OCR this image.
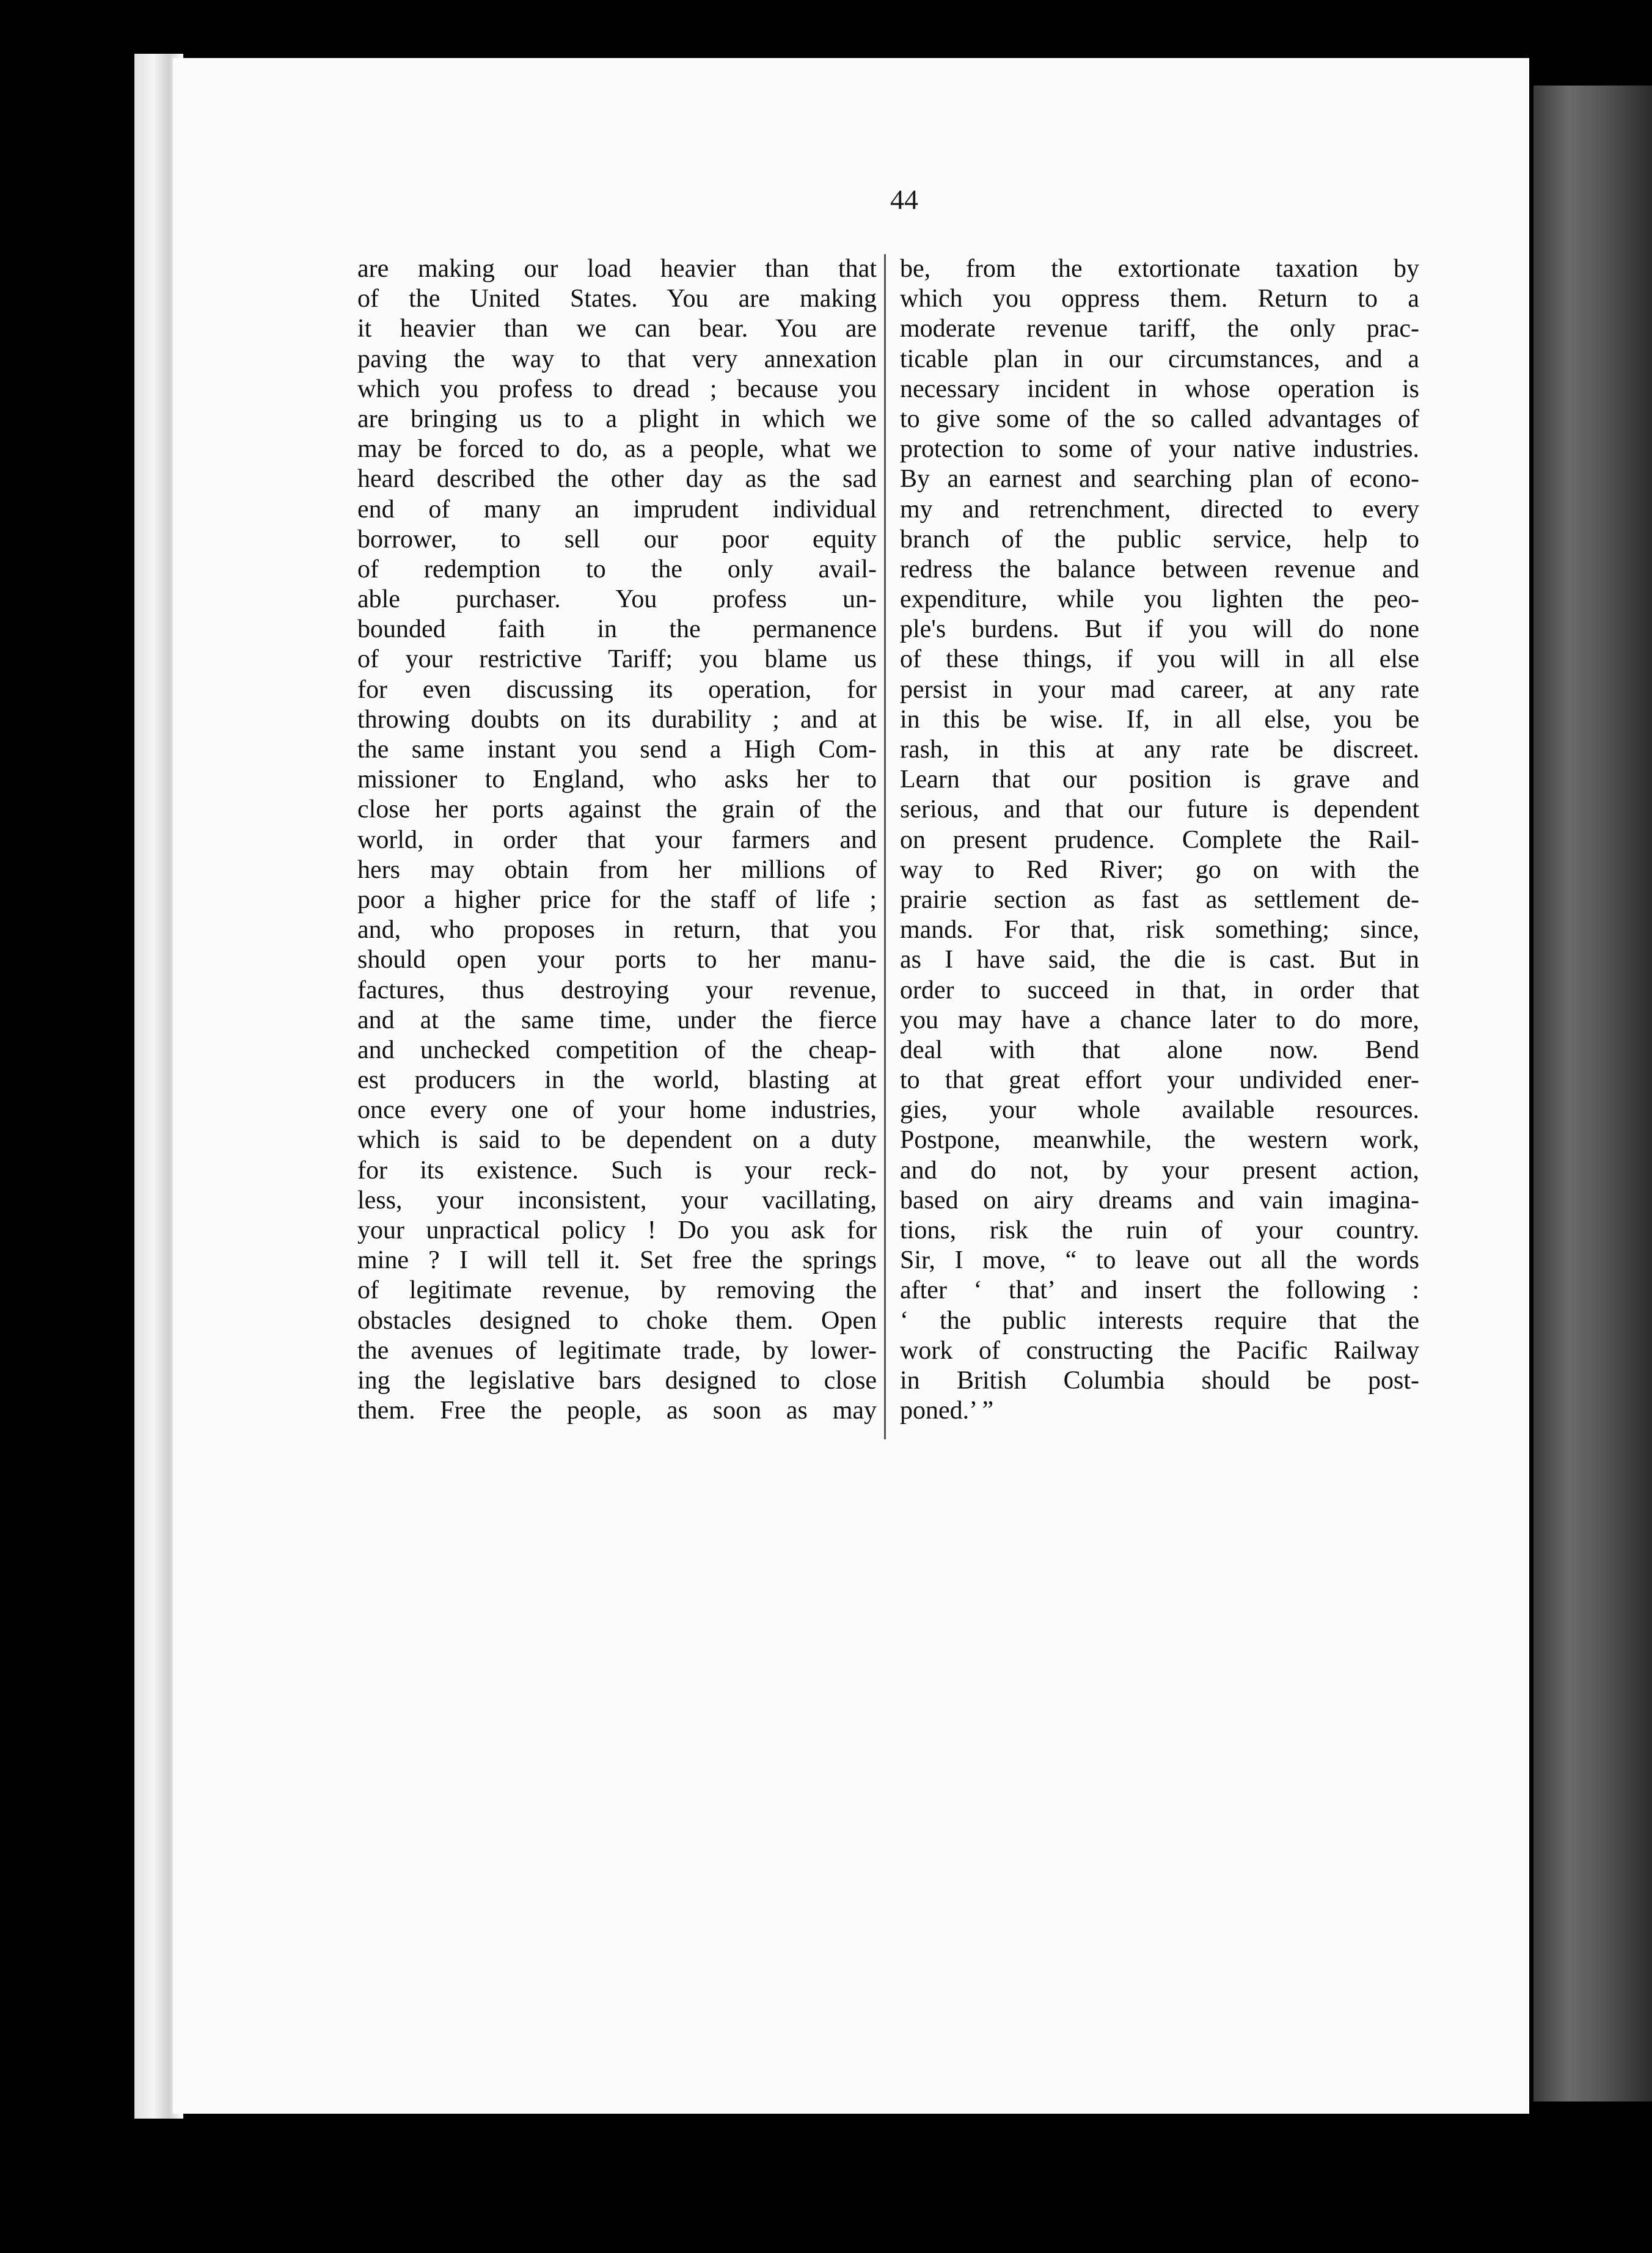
44
are making our load heavier than that
of the United States. You are making
it heavier than we can bear. You are
paving the way to that very annexation
which you profess to dread ; because you
are bringing us to a plight in which we
may be forced to do, as a people, what we
heard described the other day as the sad
end of many an imprudent individual
borrower, to sell our poor equity
of redemption to the only avail-
able purchaser. You profess un-
bounded faith in the permanence
of your restrictive Tariff; you blame us
for even discussing its operation, for
throwing doubts on its durability ; and at
the same instant you send a High Com-
missioner to England, who asks her to
close her ports against the grain of the
world, in order that your farmers and
hers may obtain from her millions of
poor a higher price for the staff of life ;
and, who proposes in return, that you
should open your ports to her manu-
factures, thus destroying your revenue,
and at the same time, under the fierce
and unchecked competition of the cheap-
est producers in the world, blasting at
once every one of your home industries,
which is said to be dependent on a duty
for its existence. Such is your reck-
less, your inconsistent, your vacillating,
your unpractical policy ! Do you ask for
mine ? I will tell it. Set free the springs
of legitimate revenue, by removing the
obstacles designed to choke them. Open
the avenues of legitimate trade, by lower-
ing the legislative bars designed to close
them. Free the people, as soon as may
be, from the extortionate taxation by
which you oppress them. Return to a
moderate revenue tariff, the only prac-
ticable plan in our circumstances, and a
necessary incident in whose operation is
to give some of the so called advantages of
protection to some of your native industries.
By an earnest and searching plan of econo-
my and retrenchment, directed to every
branch of the public service, help to
redress the balance between revenue and
expenditure, while you lighten the peo-
ple's burdens. But if you will do none
of these things, if you will in all else
persist in your mad career, at any rate
in this be wise. If, in all else, you be
rash, in this at any rate be discreet.
Learn that our position is grave and
serious, and that our future is dependent
on present prudence. Complete the Rail-
way to Red River; go on with the
prairie section as fast as settlement de-
mands. For that, risk something; since,
as I have said, the die is cast. But in
order to succeed in that, in order that
you may have a chance later to do more,
deal with that alone now. Bend
to that great effort your undivided ener-
gies, your whole available resources.
Postpone, meanwhile, the western work,
and do not, by your present action,
based on airy dreams and vain imagina-
tions, risk the ruin of your country.
Sir, I move, “ to leave out all the words
after ‘ that’ and insert the following :
‘ the public interests require that the
work of constructing the Pacific Railway
in British Columbia should be post-
poned.’ ”
